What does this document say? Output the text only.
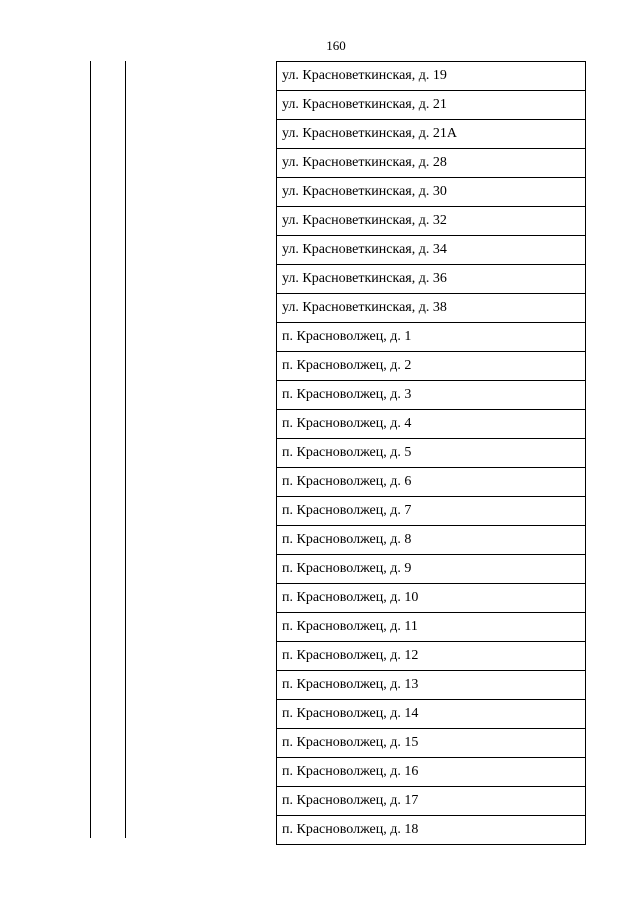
160
ул. Красноветкинская, д. 19
ул. Красноветкинская, д. 21
ул. Красноветкинская, д. 21А
ул. Красноветкинская, д. 28
ул. Красноветкинская, д. 30
ул. Красноветкинская, д. 32
ул. Красноветкинская, д. 34
ул. Красноветкинская, д. 36
ул. Красноветкинская, д. 38
п. Красноволжец, д. 1
п. Красноволжец, д. 2
п. Красноволжец, д. 3
п. Красноволжец, д. 4
п. Красноволжец, д. 5
п. Красноволжец, д. 6
п. Красноволжец, д. 7
п. Красноволжец, д. 8
п. Красноволжец, д. 9
п. Красноволжец, д. 10
п. Красноволжец, д. 11
п. Красноволжец, д. 12
п. Красноволжец, д. 13
п. Красноволжец, д. 14
п. Красноволжец, д. 15
п. Красноволжец, д. 16
п. Красноволжец, д. 17
п. Красноволжец, д. 18
